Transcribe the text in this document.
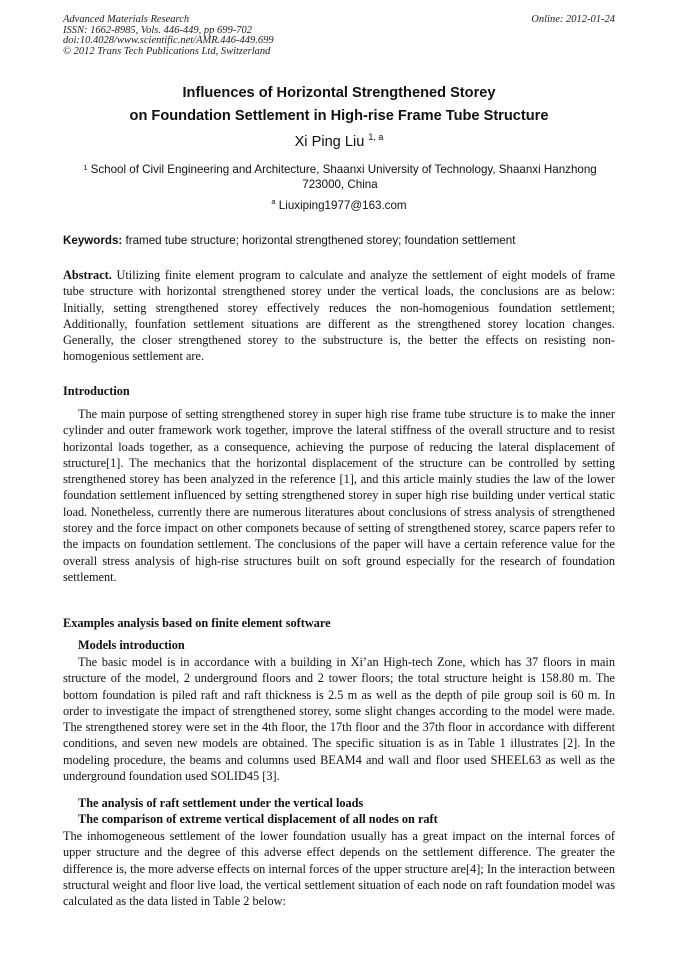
Advanced Materials Research	Online: 2012-01-24
ISSN: 1662-8985, Vols. 446-449, pp 699-702
doi:10.4028/www.scientific.net/AMR.446-449.699
© 2012 Trans Tech Publications Ltd, Switzerland
Influences of Horizontal Strengthened Storey
on Foundation Settlement in High-rise Frame Tube Structure
Xi Ping Liu $^{1, a}$
$^1$ School of Civil Engineering and Architecture, Shaanxi University of Technology, Shaanxi Hanzhong 723000, China
$^a$ Liuxiping1977@163.com
Keywords: framed tube structure; horizontal strengthened storey; foundation settlement
Abstract. Utilizing finite element program to calculate and analyze the settlement of eight models of frame tube structure with horizontal strengthened storey under the vertical loads, the conclusions are as below: Initially, setting strengthened storey effectively reduces the non-homogenious foundation settlement; Additionally, founfation settlement situations are different as the strengthened storey location changes. Generally, the closer strengthened storey to the substructure is, the better the effects on resisting non-homogenious settlement are.
Introduction
The main purpose of setting strengthened storey in super high rise frame tube structure is to make the inner cylinder and outer framework work together, improve the lateral stiffness of the overall structure and to resist horizontal loads together, as a consequence, achieving the purpose of reducing the lateral displacement of structure[1]. The mechanics that the horizontal displacement of the structure can be controlled by setting strengthened storey has been analyzed in the reference [1], and this article mainly studies the law of the lower foundation settlement influenced by setting strengthened storey in super high rise building under vertical static load. Nonetheless, currently there are numerous literatures about conclusions of stress analysis of strengthened storey and the force impact on other componets because of setting of strengthened storey, scarce papers refer to the impacts on foundation settlement. The conclusions of the paper will have a certain reference value for the overall stress analysis of high-rise structures built on soft ground especially for the research of foundation settlement.
Examples analysis based on finite element software
Models introduction
The basic model is in accordance with a building in Xi’an High-tech Zone, which has 37 floors in main structure of the model, 2 underground floors and 2 tower floors; the total structure height is 158.80 m. The bottom foundation is piled raft and raft thickness is 2.5 m as well as the depth of pile group soil is 60 m. In order to investigate the impact of strengthened storey, some slight changes according to the model were made. The strengthened storey were set in the 4th floor, the 17th floor and the 37th floor in accordance with different conditions, and seven new models are obtained. The specific situation is as in Table 1 illustrates [2]. In the modeling procedure, the beams and columns used BEAM4 and wall and floor used SHEEL63 as well as the underground foundation used SOLID45 [3].
The analysis of raft settlement under the vertical loads
The comparison of extreme vertical displacement of all nodes on raft
The inhomogeneous settlement of the lower foundation usually has a great impact on the internal forces of upper structure and the degree of this adverse effect depends on the settlement difference. The greater the difference is, the more adverse effects on internal forces of the upper structure are[4]; In the interaction between structural weight and floor live load, the vertical settlement situation of each node on raft foundation model was calculated as the data listed in Table 2 below:
